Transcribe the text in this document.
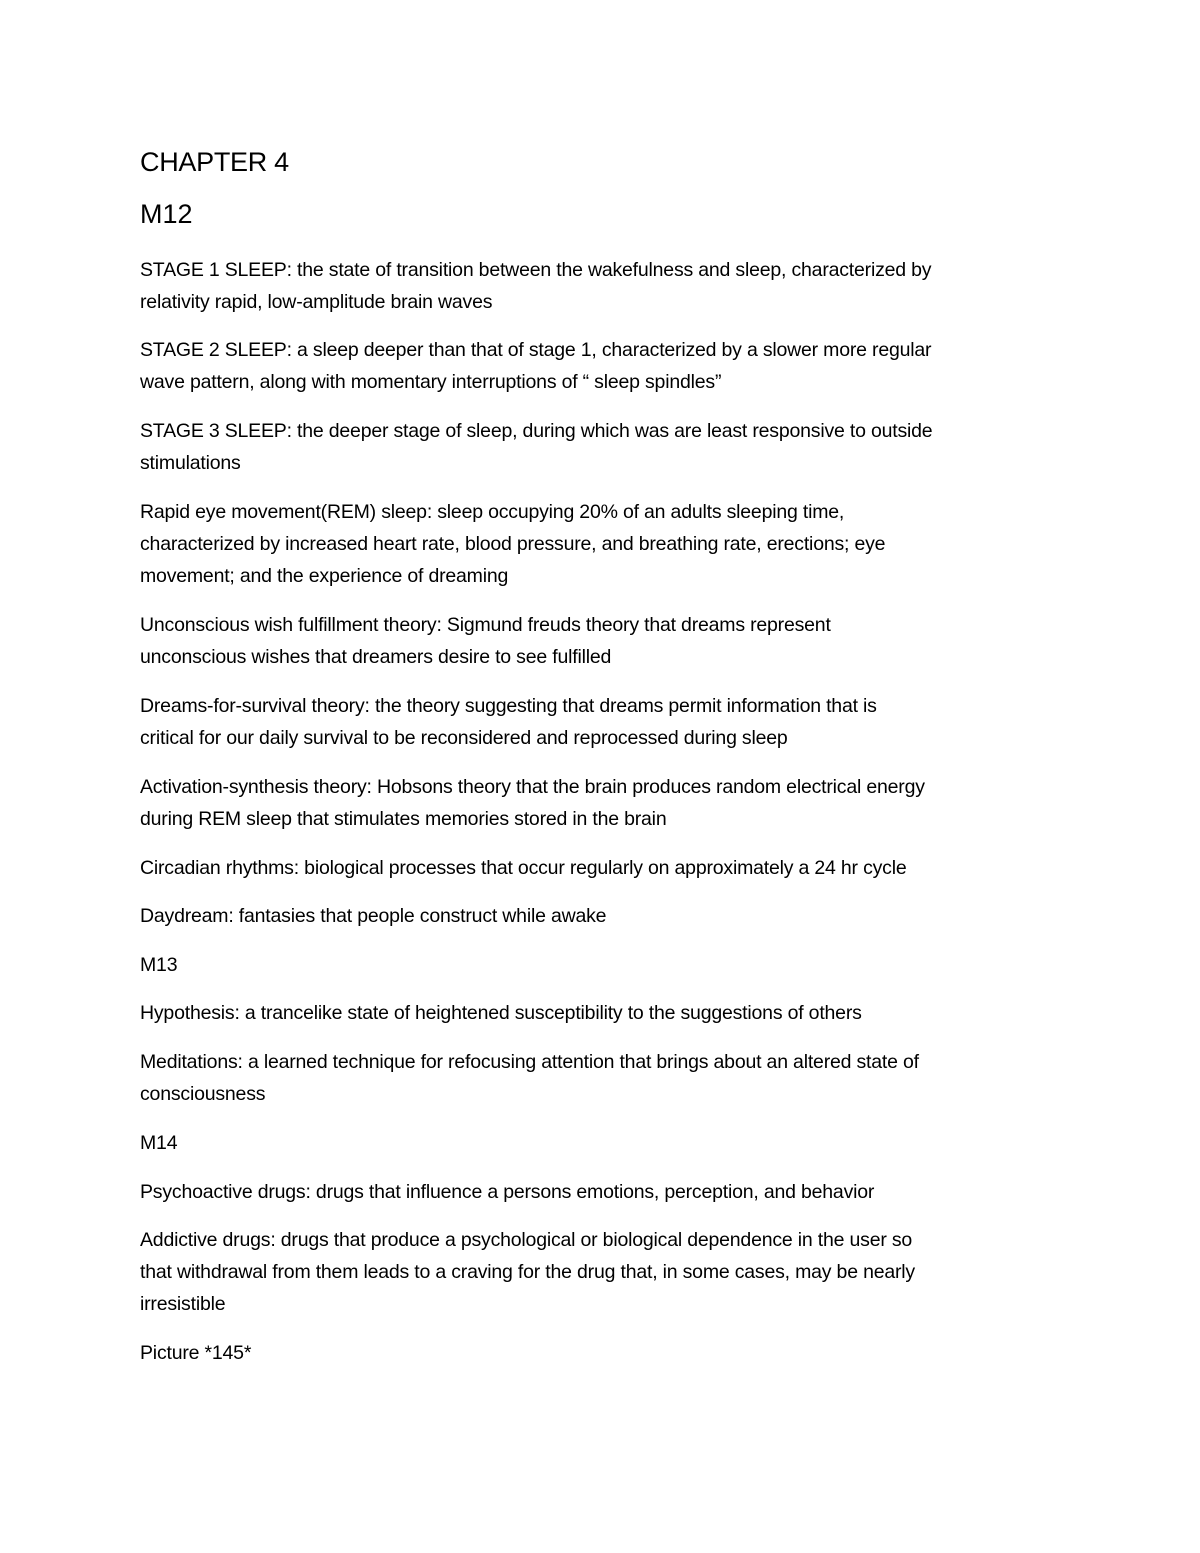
CHAPTER 4
M12
STAGE 1 SLEEP: the state of transition between the wakefulness and sleep, characterized by
relativity rapid, low-amplitude brain waves
STAGE 2 SLEEP: a sleep deeper than that of stage 1, characterized by a slower more regular
wave pattern, along with momentary interruptions of “ sleep spindles”
STAGE 3 SLEEP: the deeper stage of sleep, during which was are least responsive to outside
stimulations
Rapid eye movement(REM) sleep: sleep occupying 20% of an adults sleeping time,
characterized by increased heart rate, blood pressure, and breathing rate, erections; eye
movement; and the experience of dreaming
Unconscious wish fulfillment theory: Sigmund freuds theory that dreams represent
unconscious wishes that dreamers desire to see fulfilled
Dreams-for-survival theory: the theory suggesting that dreams permit information that is
critical for our daily survival to be reconsidered and reprocessed during sleep
Activation-synthesis theory: Hobsons theory that the brain produces random electrical energy
during REM sleep that stimulates memories stored in the brain
Circadian rhythms: biological processes that occur regularly on approximately a 24 hr cycle
Daydream: fantasies that people construct while awake
M13
Hypothesis: a trancelike state of heightened susceptibility to the suggestions of others
Meditations: a learned technique for refocusing attention that brings about an altered state of
consciousness
M14
Psychoactive drugs: drugs that influence a persons emotions, perception, and behavior
Addictive drugs: drugs that produce a psychological or biological dependence in the user so
that withdrawal from them leads to a craving for the drug that, in some cases, may be nearly
irresistible
Picture *145*
